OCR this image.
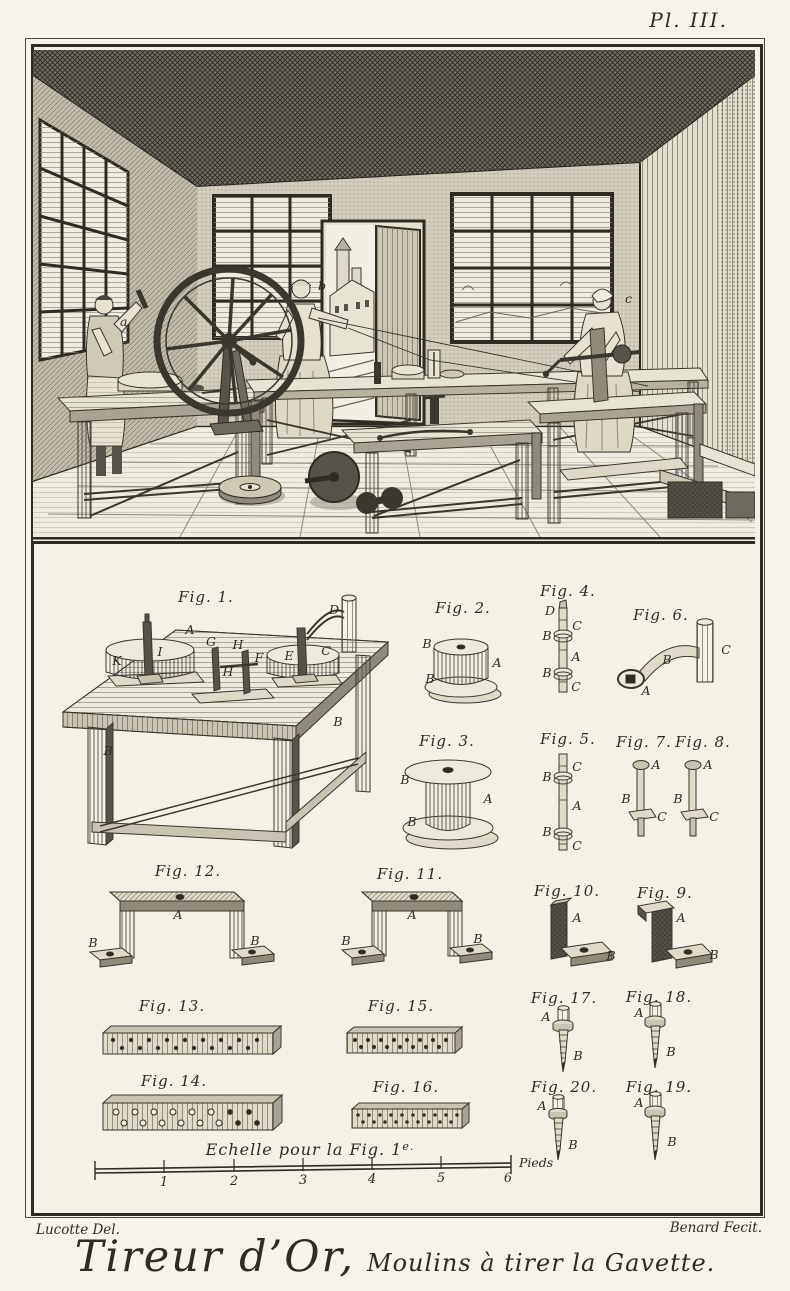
Pl. III.
a
b
c
Fig. 1.
A
G H
F
H
E C
D
K
I
B
B
Fig. 2.
B
A
B
Fig. 3.
A
B
B
Fig. 4.
D
C
B
A
B
C
Fig. 5.
C
B
A
B
C
Fig. 6.
A
B
C
Fig. 7.
A
B
C
Fig. 8.
A
B
C
Fig. 12.
A
B	B
Fig. 11.
A
B	B
Fig. 10.
A
B
Fig. 9.
A
B
Fig. 13.	Fig. 15.
Fig. 14.	Fig. 16.
Fig. 17.
A
B
Fig. 18.
A
B
Fig. 20.
A
B
Fig. 19.
A
B
Echelle pour la Fig. $1^{e.}$
1	2	3	4	5	6
Pieds
Lucotte Del.	Benard Fecit.
Tireur d’Or, Moulins à tirer la Gavette.
